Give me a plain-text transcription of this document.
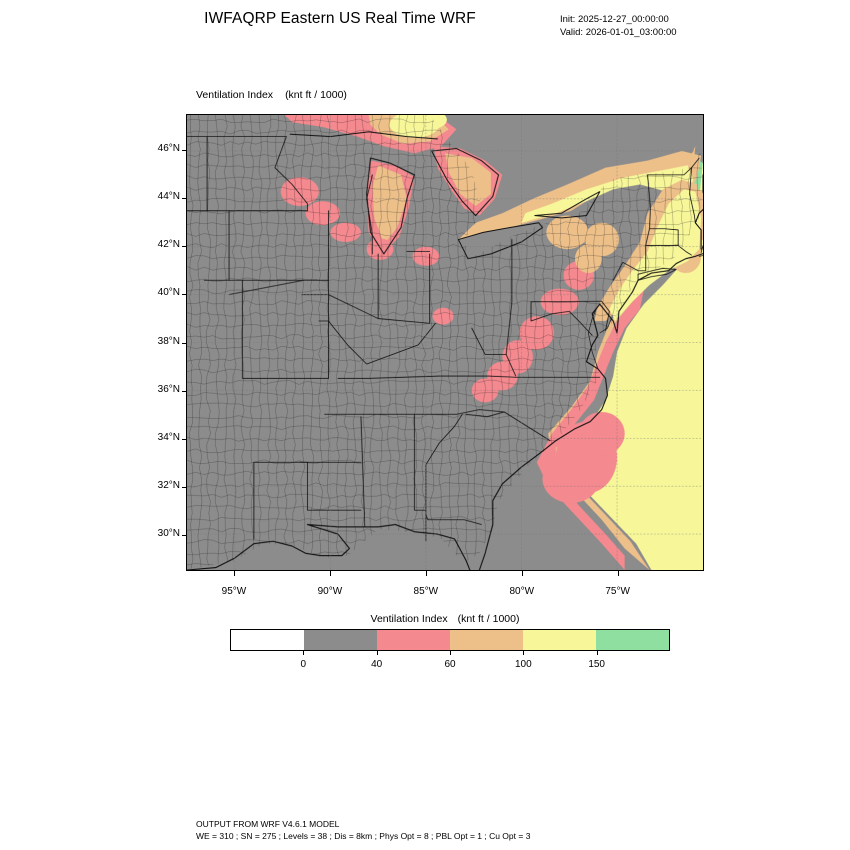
IWFAQRP Eastern US Real Time WRF	Init: 2025-12-27_00:00:00
Valid: 2026-01-01_03:00:00
Ventilation Index (knt ft / 1000)
46°N
44°N
42°N
40°N
38°N
36°N
34°N
32°N
30°N
95°W	90°W	85°W	80°W	75°W
Ventilation Index (knt ft / 1000)
0	40	60	100	150
OUTPUT FROM WRF V4.6.1 MODEL
WE = 310 ; SN = 275 ; Levels = 38 ; Dis = 8km ; Phys Opt = 8 ; PBL Opt = 1 ; Cu Opt = 3
